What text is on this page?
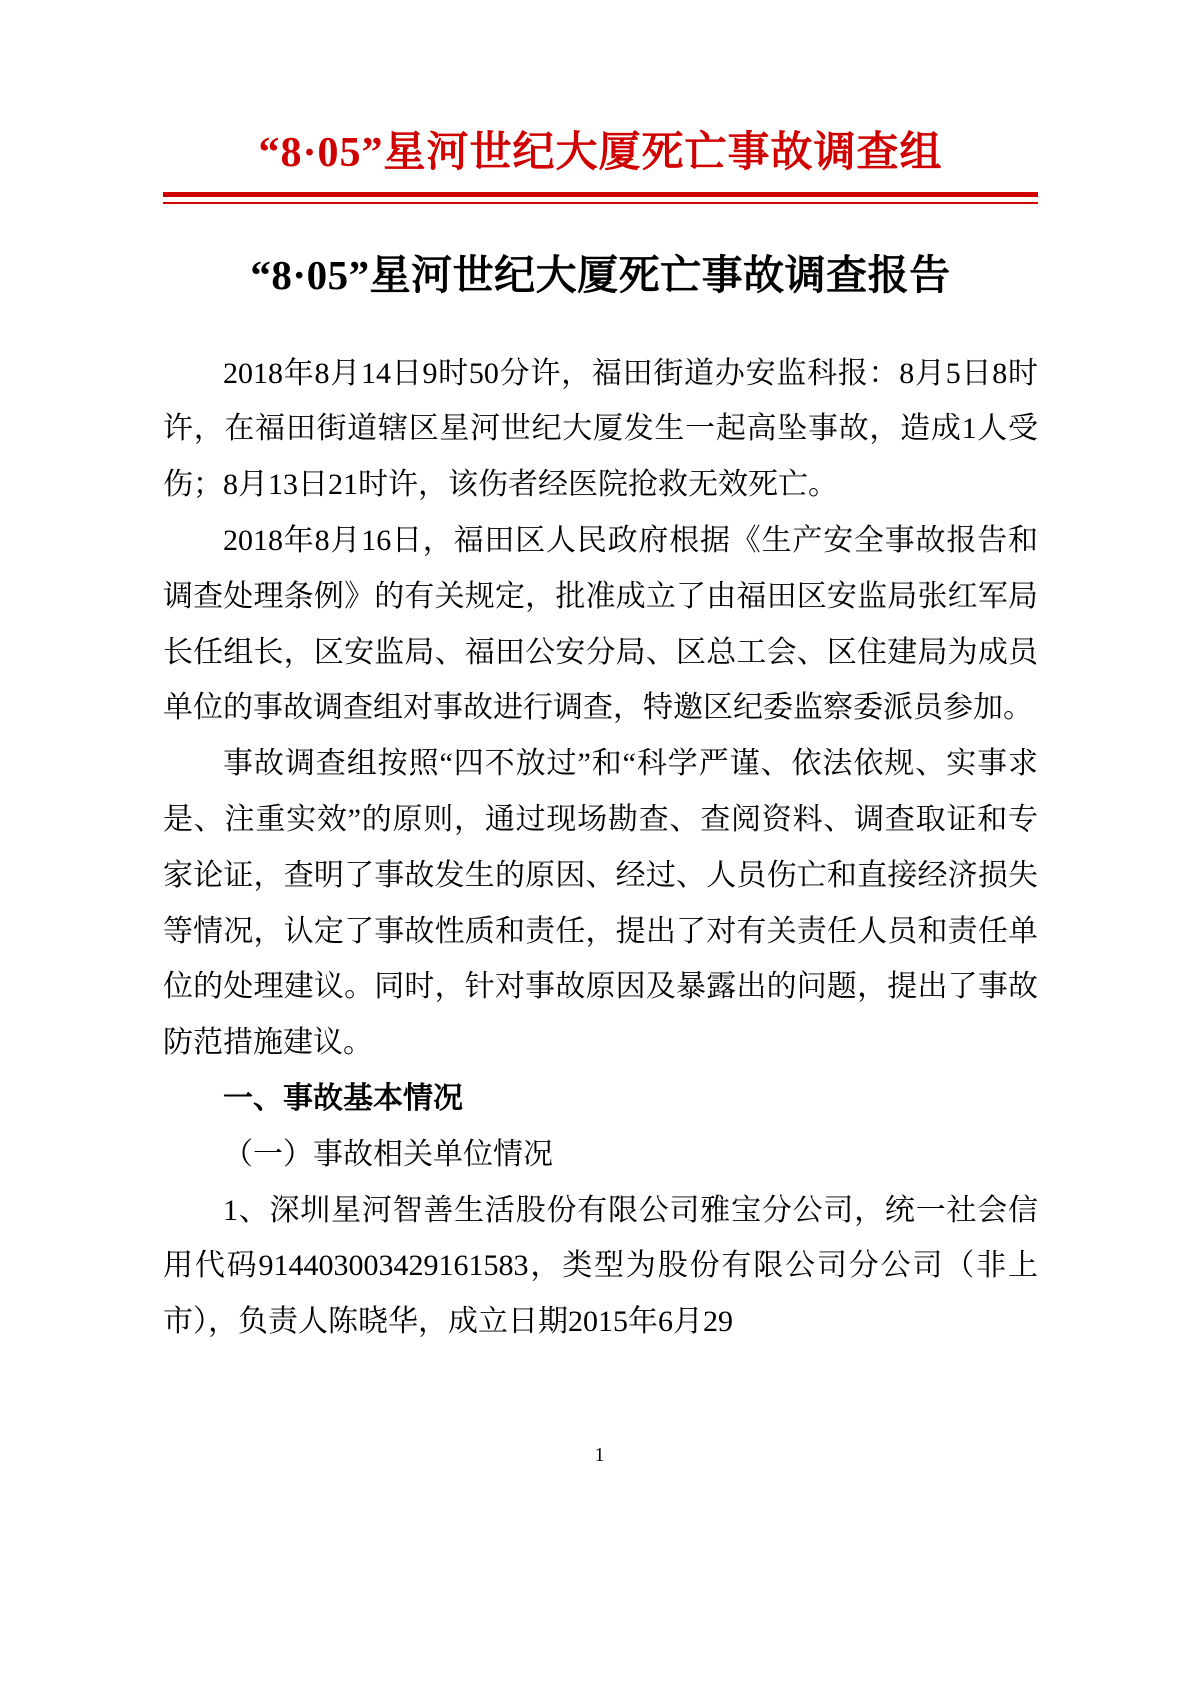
“8·05”星河世纪大厦死亡事故调查组
“8·05”星河世纪大厦死亡事故调查报告

2018年8月14日9时50分许，福田街道办安监科报：8月5日8时许，在福田街道辖区星河世纪大厦发生一起高坠事故，造成1人受伤；8月13日21时许，该伤者经医院抢救无效死亡。

2018年8月16日，福田区人民政府根据《生产安全事故报告和调查处理条例》的有关规定，批准成立了由福田区安监局张红军局长任组长，区安监局、福田公安分局、区总工会、区住建局为成员单位的事故调查组对事故进行调查，特邀区纪委监察委派员参加。

事故调查组按照“四不放过”和“科学严谨、依法依规、实事求是、注重实效”的原则，通过现场勘查、查阅资料、调查取证和专家论证，查明了事故发生的原因、经过、人员伤亡和直接经济损失等情况，认定了事故性质和责任，提出了对有关责任人员和责任单位的处理建议。同时，针对事故原因及暴露出的问题，提出了事故防范措施建议。

一、事故基本情况

（一）事故相关单位情况

1、深圳星河智善生活股份有限公司雅宝分公司，统一社会信用代码914403003429161583，类型为股份有限公司分公司（非上市），负责人陈晓华，成立日期2015年6月29

1
